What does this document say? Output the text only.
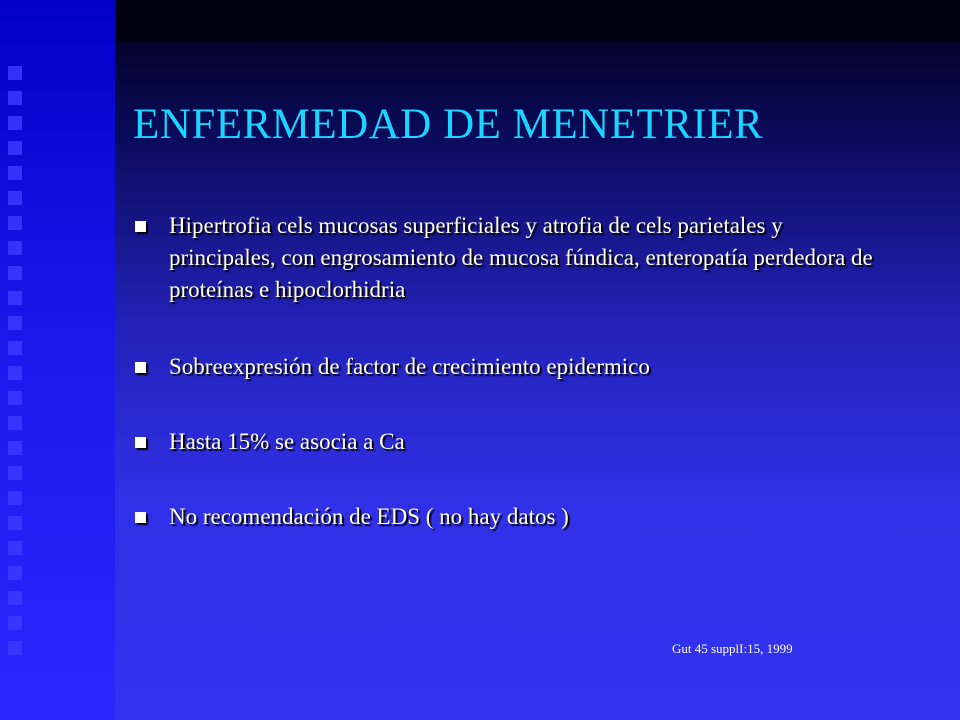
ENFERMEDAD DE MENETRIER
Hipertrofia cels mucosas superficiales y atrofia de cels parietales y principales, con engrosamiento de mucosa fúndica, enteropatía perdedora de proteínas e hipoclorhidria
Sobreexpresión de factor de crecimiento epidermico
Hasta 15% se asocia a Ca
No recomendación de EDS ( no hay datos )
Gut 45 supplI:15, 1999
